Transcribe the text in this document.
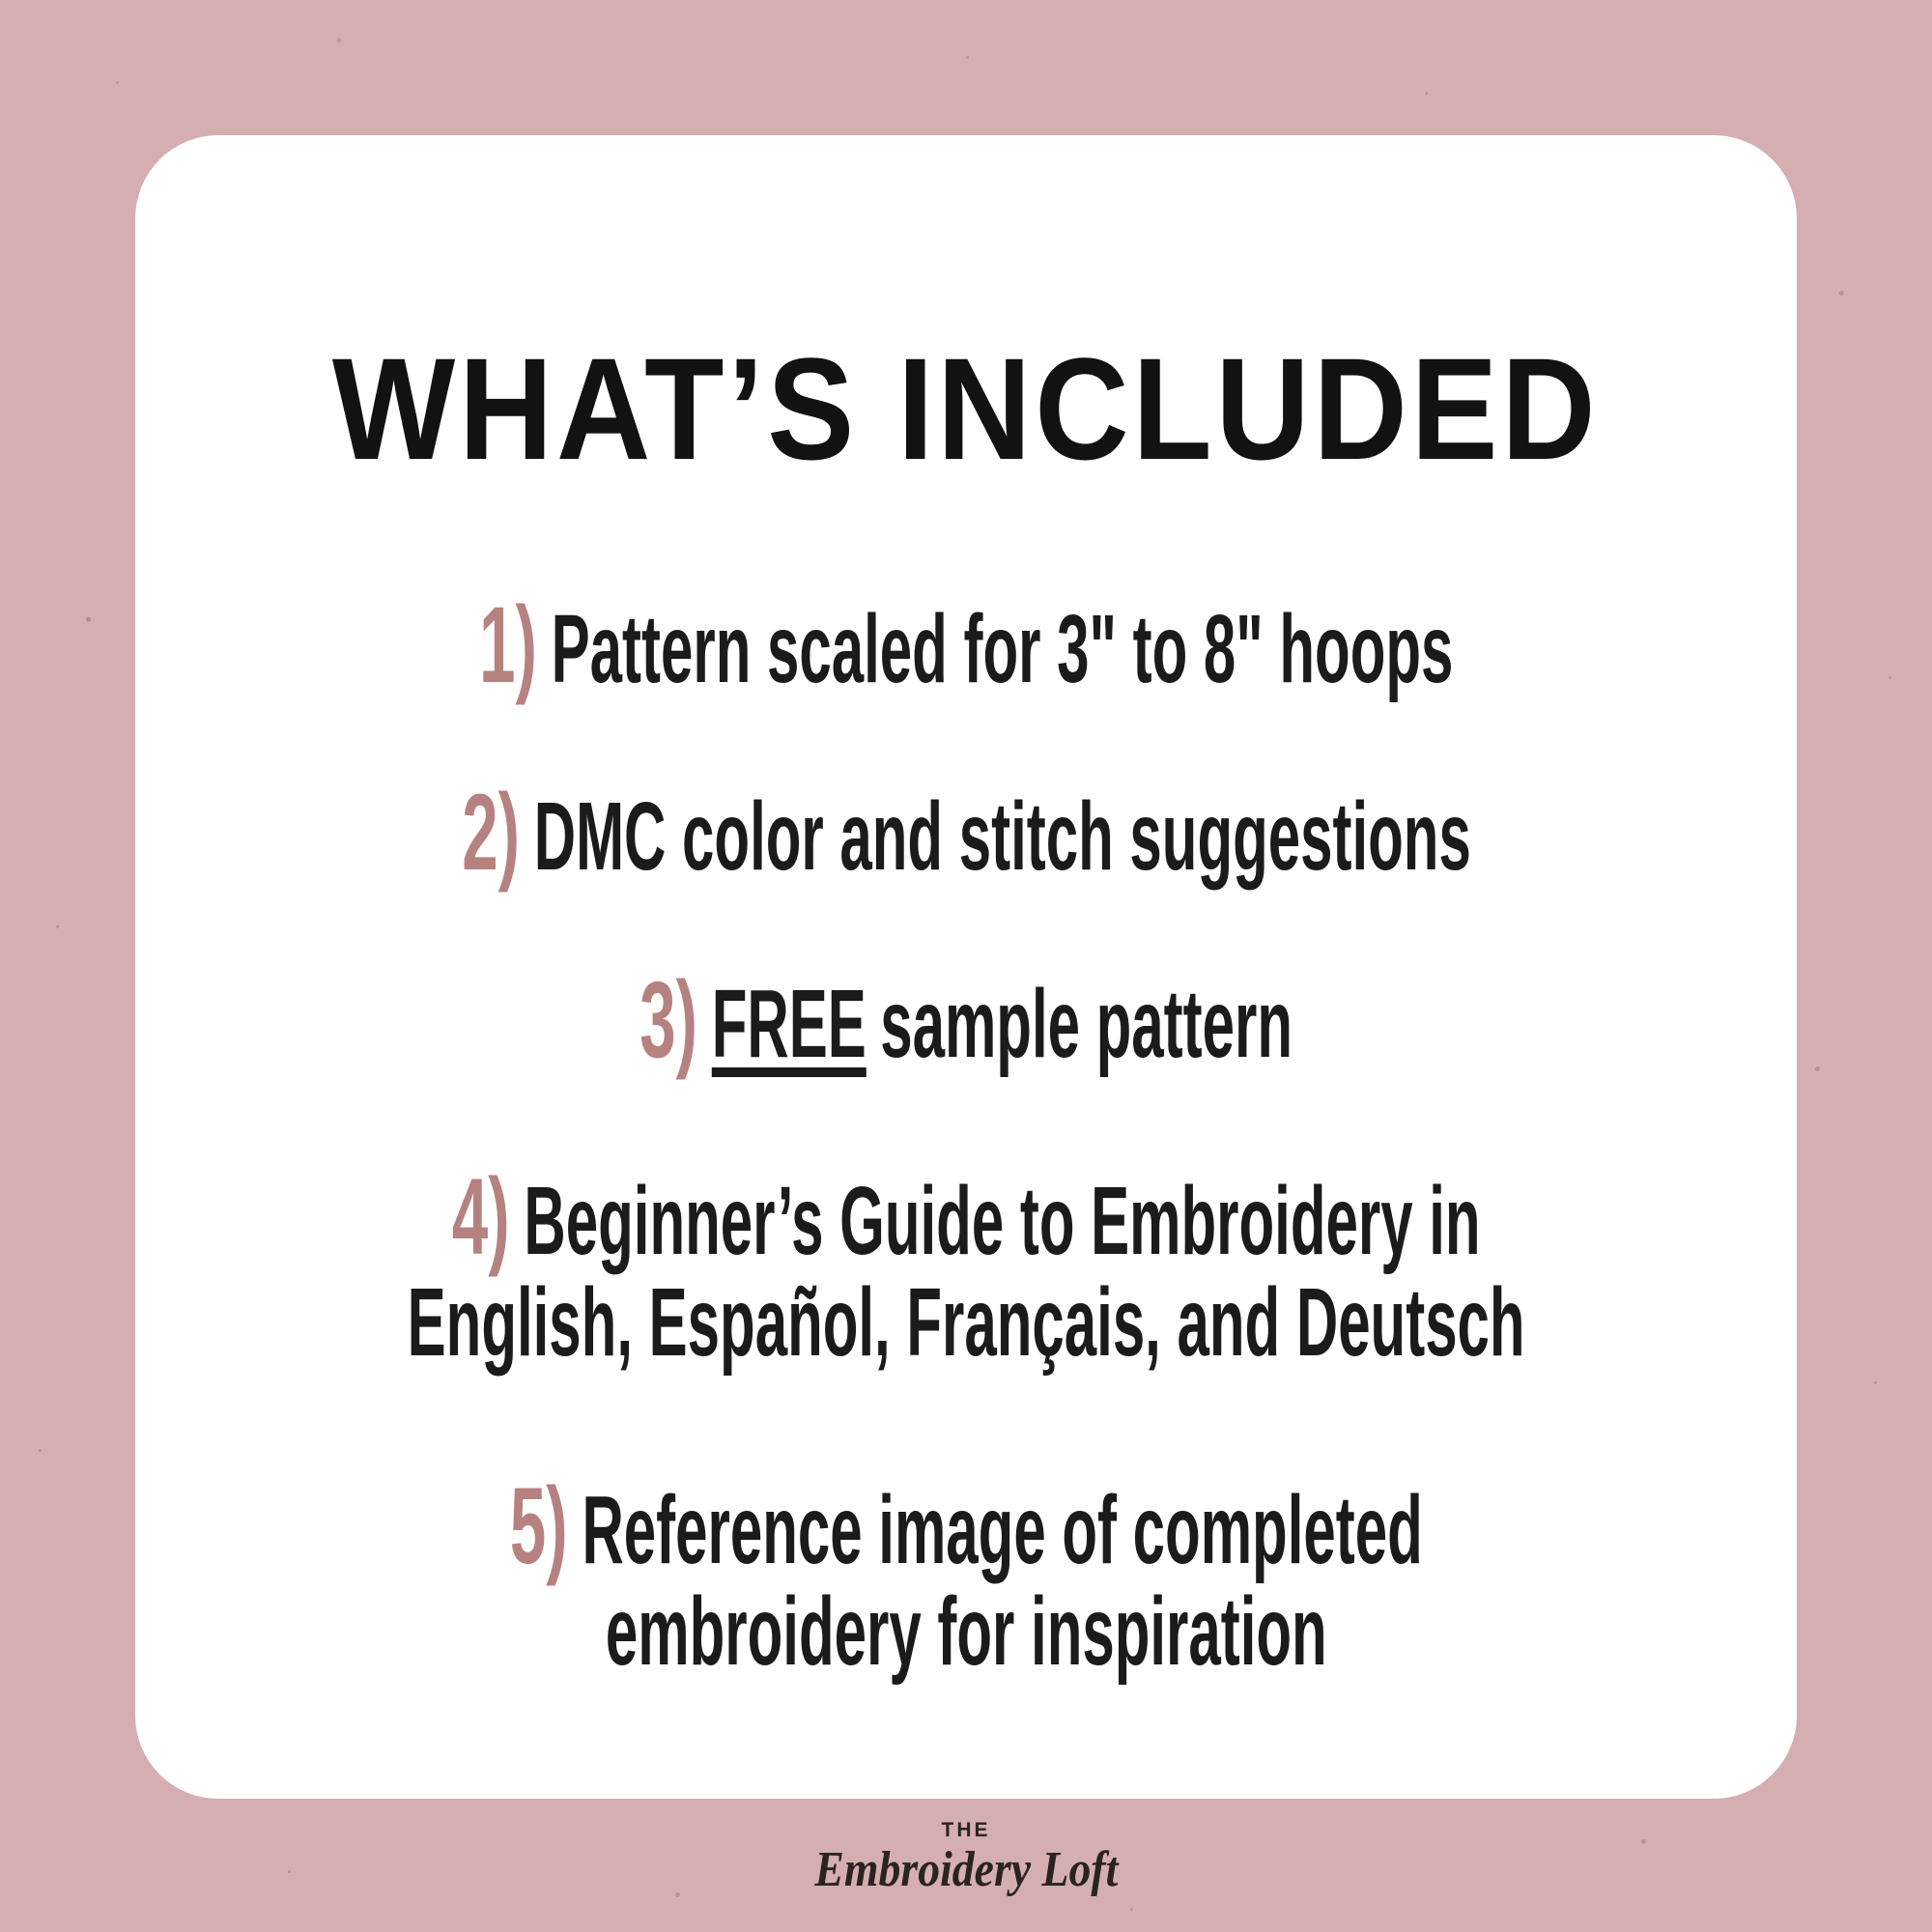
WHAT’S INCLUDED
1) Pattern scaled for 3" to 8" hoops
2) DMC color and stitch suggestions
3) FREE sample pattern
4) Beginner’s Guide to Embroidery in
English, Español, Français, and Deutsch
5) Reference image of completed
embroidery for inspiration
THE
Embroidery Loft
